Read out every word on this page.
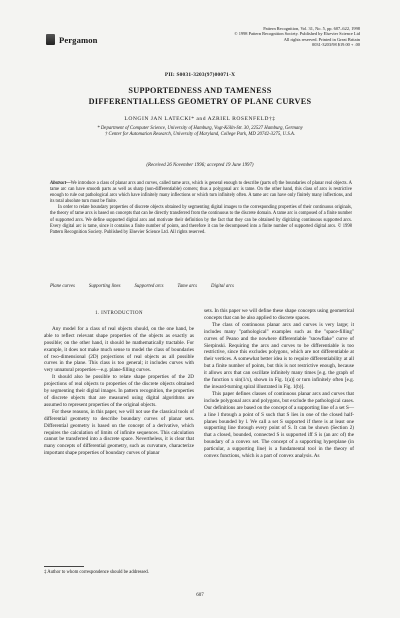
Pergamon
Pattern Recognition, Vol. 31, No. 5, pp. 607–622, 1998
© 1998 Pattern Recognition Society. Published by Elsevier Science Ltd
All rights reserved. Printed in Great Britain
0031-3203/98 $19.00 + .00
PII: S0031-3203(97)00071-X
SUPPORTEDNESS AND TAMENESS
DIFFERENTIALLESS GEOMETRY OF PLANE CURVES
LONGIN JAN LATECKI* and AZRIEL ROSENFELD†‡
* Department of Computer Science, University of Hamburg, Vogt-Kölln-Str. 30, 22527 Hamburg, Germany
† Center for Automation Research, University of Maryland, College Park, MD 20742-3275, U.S.A.
(Received 26 November 1996; accepted 19 June 1997)

Abstract—We introduce a class of planar arcs and curves, called tame arcs, which is general enough to describe (parts of) the boundaries of planar real objects. A tame arc can have smooth parts as well as sharp (non-differentiable) corners; thus a polygonal arc is tame. On the other hand, this class of arcs is restrictive enough to rule out pathological arcs which have infinitely many inflections or which turn infinitely often. A tame arc can have only finitely many inflections, and its total absolute turn must be finite.

In order to relate boundary properties of discrete objects obtained by segmenting digital images to the corresponding properties of their continuous originals, the theory of tame arcs is based on concepts that can be directly transferred from the continuous to the discrete domain. A tame arc is composed of a finite number of supported arcs. We define supported digital arcs and motivate their definition by the fact that they can be obtained by digitizing continuous supported arcs. Every digital arc is tame, since it contains a finite number of points, and therefore it can be decomposed into a finite number of supported digital arcs. © 1998 Pattern Recognition Society. Published by Elsevier Science Ltd. All rights reserved.

Plane curves	Supporting lines	Supported arcs	Tame arcs	Digital arcs
1. INTRODUCTION

Any model for a class of real objects should, on the one hand, be able to reflect relevant shape properties of the objects as exactly as possible; on the other hand, it should be mathematically tractable. For example, it does not make much sense to model the class of boundaries of two-dimensional (2D) projections of real objects as all possible curves in the plane. This class is too general; it includes curves with very unnatural properties—e.g. plane-filling curves.

It should also be possible to relate shape properties of the 2D projections of real objects to properties of the discrete objects obtained by segmenting their digital images. In pattern recognition, the properties of discrete objects that are measured using digital algorithms are assumed to represent properties of the original objects.

For these reasons, in this paper, we will not use the classical tools of differential geometry to describe boundary curves of planar sets. Differential geometry is based on the concept of a derivative, which requires the calculation of limits of infinite sequences. This calculation cannot be transferred into a discrete space. Nevertheless, it is clear that many concepts of differential geometry, such as curvature, characterize important shape properties of boundary curves of planar

sets. In this paper we will define these shape concepts using geometrical concepts that can be also applied to discrete spaces.

The class of continuous planar arcs and curves is very large; it includes many "pathological" examples such as the "space-filling" curves of Peano and the nowhere differentiable "snowflake" curve of Sierpinski. Requiring the arcs and curves to be differentiable is too restrictive, since this excludes polygons, which are not differentiable at their vertices. A somewhat better idea is to require differentiability at all but a finite number of points, but this is not restrictive enough, because it allows arcs that can oscillate infinitely many times [e.g. the graph of the function x sin(1/x), shown in Fig. 1(a)] or turn infinitely often [e.g. the inward-turning spiral illustrated in Fig. 1(b)].

This paper defines classes of continuous planar arcs and curves that include polygonal arcs and polygons, but exclude the pathological cases. Our definitions are based on the concept of a supporting line of a set S—a line l through a point of S such that S lies in one of the closed half-planes bounded by l. We call a set S supported if there is at least one supporting line through every point of S. It can be shown (Section 2) that a closed, bounded, connected S is supported iff S is (an arc of) the boundary of a convex set. The concept of a supporting hyperplane (in particular, a supporting line) is a fundamental tool in the theory of convex functions, which is a part of convex analysis. As

‡ Author to whom correspondence should be addressed.
607
